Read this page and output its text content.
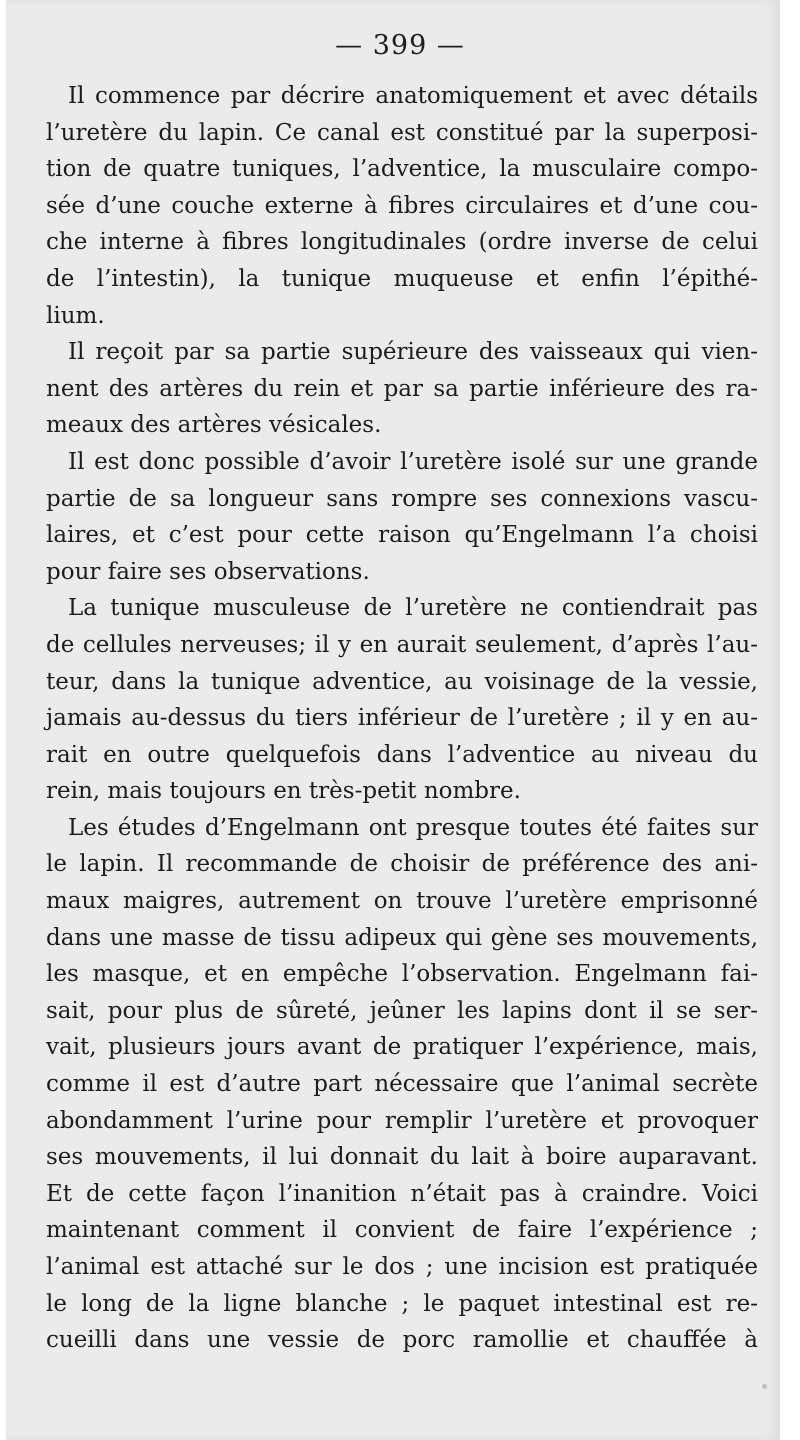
— 399 —

Il commence par décrire anatomiquement et avec détails
l’uretère du lapin. Ce canal est constitué par la superposi-
tion de quatre tuniques, l’adventice, la musculaire compo-
sée d’une couche externe à fibres circulaires et d’une cou-
che interne à fibres longitudinales (ordre inverse de celui
de l’intestin), la tunique muqueuse et enfin l’épithé-
lium.

Il reçoit par sa partie supérieure des vaisseaux qui vien-
nent des artères du rein et par sa partie inférieure des ra-
meaux des artères vésicales.

Il est donc possible d’avoir l’uretère isolé sur une grande
partie de sa longueur sans rompre ses connexions vascu-
laires, et c’est pour cette raison qu’Engelmann l’a choisi
pour faire ses observations.

La tunique musculeuse de l’uretère ne contiendrait pas
de cellules nerveuses; il y en aurait seulement, d’après l’au-
teur, dans la tunique adventice, au voisinage de la vessie,
jamais au-dessus du tiers inférieur de l’uretère ; il y en au-
rait en outre quelquefois dans l’adventice au niveau du
rein, mais toujours en très-petit nombre.

Les études d’Engelmann ont presque toutes été faites sur
le lapin. Il recommande de choisir de préférence des ani-
maux maigres, autrement on trouve l’uretère emprisonné
dans une masse de tissu adipeux qui gène ses mouvements,
les masque, et en empêche l’observation. Engelmann fai-
sait, pour plus de sûreté, jeûner les lapins dont il se ser-
vait, plusieurs jours avant de pratiquer l’expérience, mais,
comme il est d’autre part nécessaire que l’animal secrète
abondamment l’urine pour remplir l’uretère et provoquer
ses mouvements, il lui donnait du lait à boire auparavant.
Et de cette façon l’inanition n’était pas à craindre. Voici
maintenant comment il convient de faire l’expérience ;
l’animal est attaché sur le dos ; une incision est pratiquée
le long de la ligne blanche ; le paquet intestinal est re-
cueilli dans une vessie de porc ramollie et chauffée à
